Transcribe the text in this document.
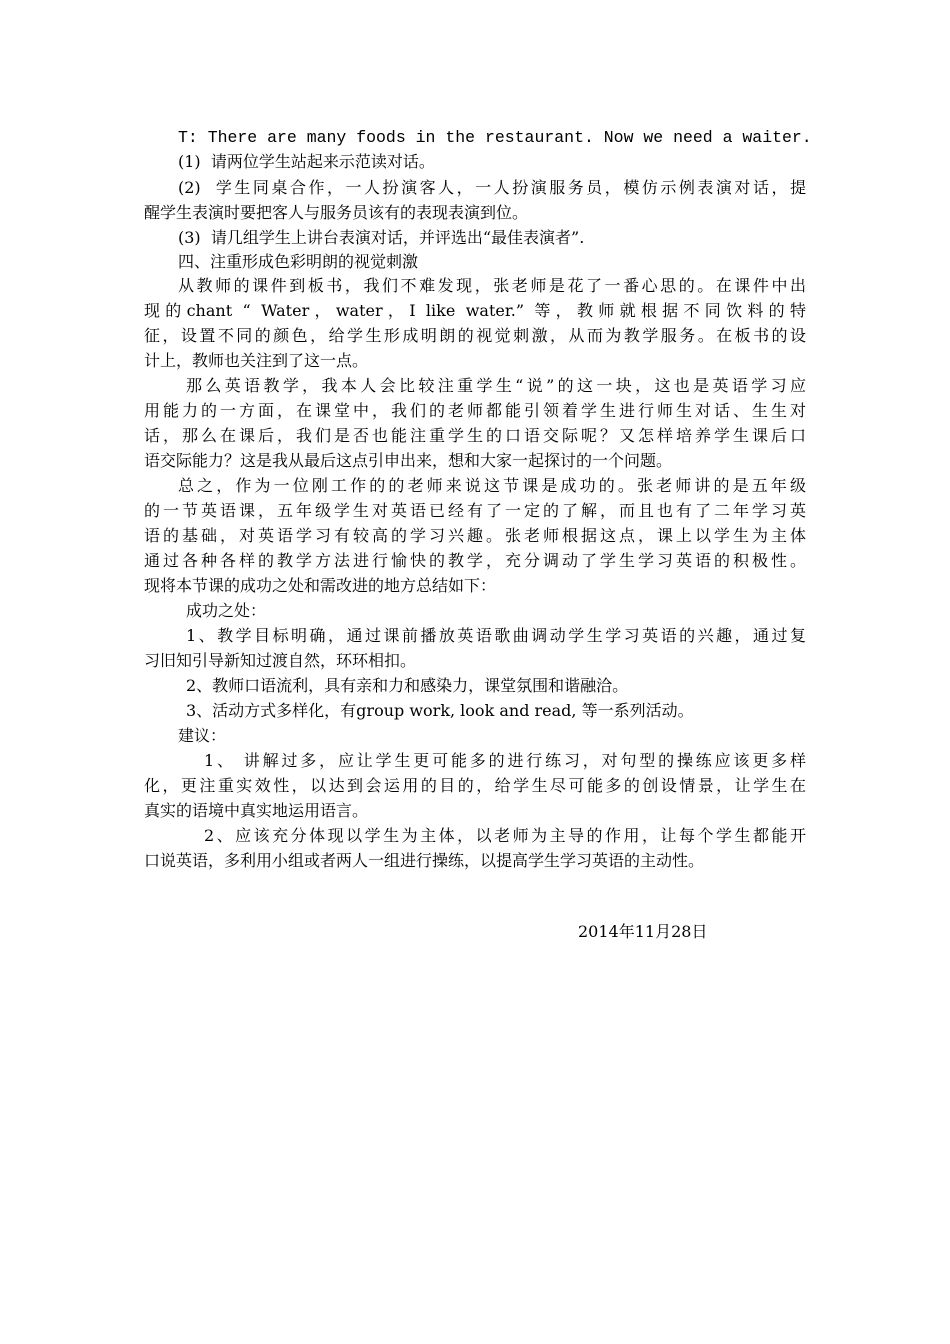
T: There are many foods in the restaurant. Now we need a waiter.
(1)  请两位学生站起来示范读对话。
(2)  学生同桌合作，一人扮演客人，一人扮演服务员，模仿示例表演对话，提
醒学生表演时要把客人与服务员该有的表现表演到位。
(3)  请几组学生上讲台表演对话，并评选出“最佳表演者”.
四、注重形成色彩明朗的视觉刺激
从教师的课件到板书，我们不难发现，张老师是花了一番心思的。在课件中出
现的chant “ Water，water，I like water.” 等，教师就根据不同饮料的特
征，设置不同的颜色，给学生形成明朗的视觉刺激，从而为教学服务。在板书的设
计上，教师也关注到了这一点。
那么英语教学，我本人会比较注重学生“说”的这一块，这也是英语学习应
用能力的一方面，在课堂中，我们的老师都能引领着学生进行师生对话、生生对
话，那么在课后，我们是否也能注重学生的口语交际呢？又怎样培养学生课后口
语交际能力？这是我从最后这点引申出来，想和大家一起探讨的一个问题。
总之，作为一位刚工作的的老师来说这节课是成功的。张老师讲的是五年级
的一节英语课，五年级学生对英语已经有了一定的了解，而且也有了二年学习英
语的基础，对英语学习有较高的学习兴趣。张老师根据这点，课上以学生为主体
通过各种各样的教学方法进行愉快的教学，充分调动了学生学习英语的积极性。
现将本节课的成功之处和需改进的地方总结如下：
成功之处：
1、教学目标明确，通过课前播放英语歌曲调动学生学习英语的兴趣，通过复
习旧知引导新知过渡自然，环环相扣。
2、教师口语流利，具有亲和力和感染力，课堂氛围和谐融洽。
3、活动方式多样化，有group work, look and read, 等一系列活动。
建议：
1、 讲解过多，应让学生更可能多的进行练习，对句型的操练应该更多样
化，更注重实效性，以达到会运用的目的，给学生尽可能多的创设情景，让学生在
真实的语境中真实地运用语言。
2、应该充分体现以学生为主体，以老师为主导的作用，让每个学生都能开
口说英语，多利用小组或者两人一组进行操练，以提高学生学习英语的主动性。
2014年11月28日
